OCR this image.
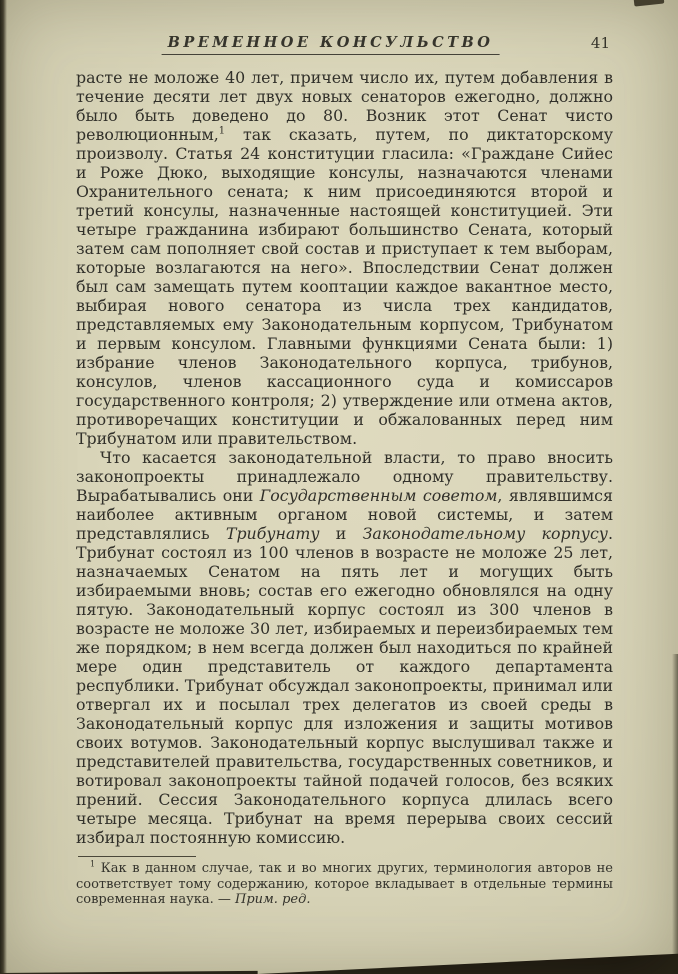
ВРЕМЕННОЕ КОНСУЛЬСТВО	41

расте не моложе 40 лет, причем число их, путем добавления в течение десяти лет двух новых сенаторов ежегодно, должно было быть доведено до 80. Возник этот Сенат чисто революционным,$^1$ так сказать, путем, по диктаторскому произволу. Статья 24 конституции гласила: «Граждане Сийес и Роже Дюко, выходящие консулы, назначаются членами Охранительного сената; к ним присоединяются второй и третий консулы, назначенные настоящей конституцией. Эти четыре гражданина избирают большинство Сената, который затем сам пополняет свой состав и приступает к тем выборам, которые возлагаются на него». Впоследствии Сенат должен был сам замещать путем кооптации каждое вакантное место, выбирая нового сенатора из числа трех кандидатов, представляемых ему Законодательным корпусом, Трибунатом и первым консулом. Главными функциями Сената были: 1) избрание членов Законодательного корпуса, трибунов, консулов, членов кассационного суда и комиссаров государственного контроля; 2) утверждение или отмена актов, противоречащих конституции и обжалованных перед ним Трибунатом или правительством.

Что касается законодательной власти, то право вносить законопроекты принадлежало одному правительству. Вырабатывались они Государственным советом, являвшимся наиболее активным органом новой системы, и затем представлялись Трибунату и Законодательному корпусу. Трибунат состоял из 100 членов в возрасте не моложе 25 лет, назначаемых Сенатом на пять лет и могущих быть избираемыми вновь; состав его ежегодно обновлялся на одну пятую. Законодательный корпус состоял из 300 членов в возрасте не моложе 30 лет, избираемых и переизбираемых тем же порядком; в нем всегда должен был находиться по крайней мере один представитель от каждого департамента республики. Трибунат обсуждал законопроекты, принимал или отвергал их и посылал трех делегатов из своей среды в Законодательный корпус для изложения и защиты мотивов своих вотумов. Законодательный корпус выслушивал также и представителей правительства, государственных советников, и вотировал законопроекты тайной подачей голосов, без всяких прений. Сессия Законодательного корпуса длилась всего четыре месяца. Трибунат на время перерыва своих сессий избирал постоянную комиссию.

$^1$ Как в данном случае, так и во многих других, терминология авторов не соответствует тому содержанию, которое вкладывает в отдельные термины современная наука. — Прим. ред.
